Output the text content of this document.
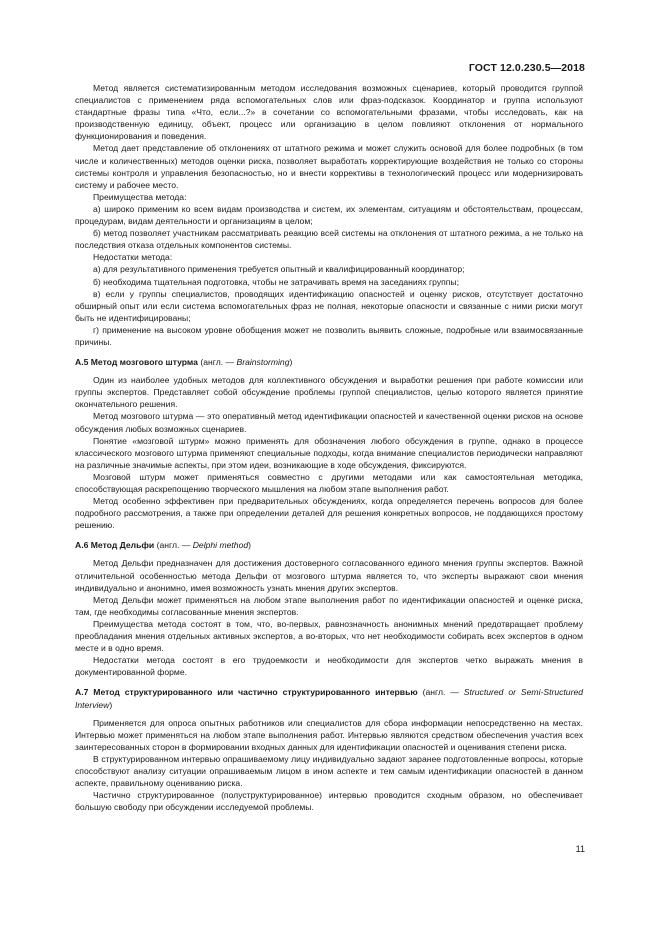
ГОСТ 12.0.230.5—2018

Метод является систематизированным методом исследования возможных сценариев, который проводится группой специалистов с применением ряда вспомогательных слов или фраз-подсказок. Координатор и группа используют стандартные фразы типа «Что, если...?» в сочетании со вспомогательными фразами, чтобы исследовать, как на производственную единицу, объект, процесс или организацию в целом повлияют отклонения от нормального функционирования и поведения.

Метод дает представление об отклонениях от штатного режима и может служить основой для более подробных (в том числе и количественных) методов оценки риска, позволяет выработать корректирующие воздействия не только со стороны системы контроля и управления безопасностью, но и внести коррективы в технологический процесс или модернизировать систему и рабочее место.

Преимущества метода:

а) широко применим ко всем видам производства и систем, их элементам, ситуациям и обстоятельствам, процессам, процедурам, видам деятельности и организациям в целом;

б) метод позволяет участникам рассматривать реакцию всей системы на отклонения от штатного режима, а не только на последствия отказа отдельных компонентов системы.

Недостатки метода:

а) для результативного применения требуется опытный и квалифицированный координатор;

б) необходима тщательная подготовка, чтобы не затрачивать время на заседаниях группы;

в) если у группы специалистов, проводящих идентификацию опасностей и оценку рисков, отсутствует достаточно обширный опыт или если система вспомогательных фраз не полная, некоторые опасности и связанные с ними риски могут быть не идентифицированы;

г) применение на высоком уровне обобщения может не позволить выявить сложные, подробные или взаимосвязанные причины.

А.5 Метод мозгового штурма (англ. — Brainstorming)

Один из наиболее удобных методов для коллективного обсуждения и выработки решения при работе комиссии или группы экспертов. Представляет собой обсуждение проблемы группой специалистов, целью которого является принятие окончательного решения.

Метод мозгового штурма — это оперативный метод идентификации опасностей и качественной оценки рисков на основе обсуждения любых возможных сценариев.

Понятие «мозговой штурм» можно применять для обозначения любого обсуждения в группе, однако в процессе классического мозгового штурма применяют специальные подходы, когда внимание специалистов периодически направляют на различные значимые аспекты, при этом идеи, возникающие в ходе обсуждения, фиксируются.

Мозговой штурм может применяться совместно с другими методами или как самостоятельная методика, способствующая раскрепощению творческого мышления на любом этапе выполнения работ.

Метод особенно эффективен при предварительных обсуждениях, когда определяется перечень вопросов для более подробного рассмотрения, а также при определении деталей для решения конкретных вопросов, не поддающихся простому решению.

А.6 Метод Дельфи (англ. — Delphi method)

Метод Дельфи предназначен для достижения достоверного согласованного единого мнения группы экспертов. Важной отличительной особенностью метода Дельфи от мозгового штурма является то, что эксперты выражают свои мнения индивидуально и анонимно, имея возможность узнать мнения других экспертов.

Метод Дельфи может применяться на любом этапе выполнения работ по идентификации опасностей и оценке риска, там, где необходимы согласованные мнения экспертов.

Преимущества метода состоят в том, что, во-первых, равнозначность анонимных мнений предотвращает проблему преобладания мнения отдельных активных экспертов, а во-вторых, что нет необходимости собирать всех экспертов в одном месте и в одно время.

Недостатки метода состоят в его трудоемкости и необходимости для экспертов четко выражать мнения в документированной форме.

А.7 Метод структурированного или частично структурированного интервью (англ. — Structured or Semi-Structured Interview)

Применяется для опроса опытных работников или специалистов для сбора информации непосредственно на местах. Интервью может применяться на любом этапе выполнения работ. Интервью являются средством обеспечения участия всех заинтересованных сторон в формировании входных данных для идентификации опасностей и оценивания степени риска.

В структурированном интервью опрашиваемому лицу индивидуально задают заранее подготовленные вопросы, которые способствуют анализу ситуации опрашиваемым лицом в ином аспекте и тем самым идентификации опасностей в данном аспекте, правильному оцениванию риска.

Частично структурированное (полуструктурированное) интервью проводится сходным образом, но обеспечивает большую свободу при обсуждении исследуемой проблемы.

11
